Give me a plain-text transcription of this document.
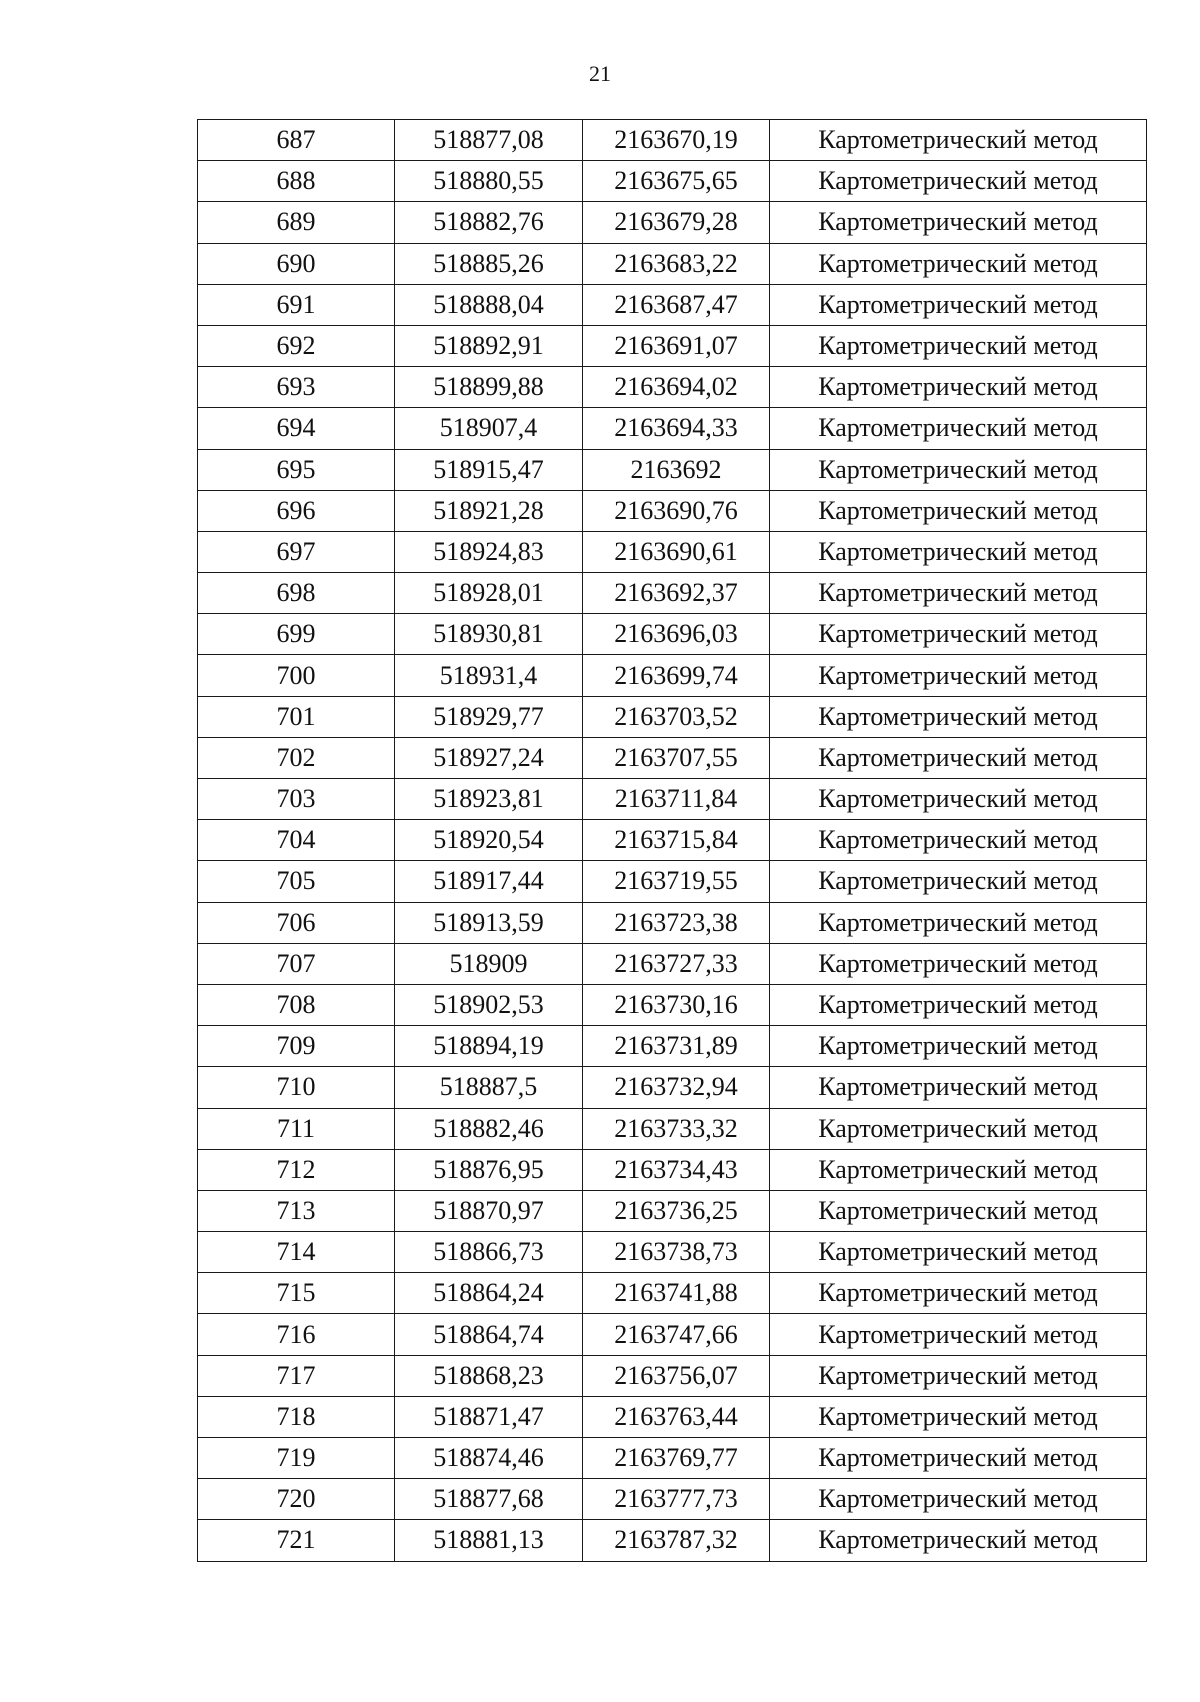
21
687	518877,08	2163670,19	Картометрический метод
688	518880,55	2163675,65	Картометрический метод
689	518882,76	2163679,28	Картометрический метод
690	518885,26	2163683,22	Картометрический метод
691	518888,04	2163687,47	Картометрический метод
692	518892,91	2163691,07	Картометрический метод
693	518899,88	2163694,02	Картометрический метод
694	518907,4	2163694,33	Картометрический метод
695	518915,47	2163692	Картометрический метод
696	518921,28	2163690,76	Картометрический метод
697	518924,83	2163690,61	Картометрический метод
698	518928,01	2163692,37	Картометрический метод
699	518930,81	2163696,03	Картометрический метод
700	518931,4	2163699,74	Картометрический метод
701	518929,77	2163703,52	Картометрический метод
702	518927,24	2163707,55	Картометрический метод
703	518923,81	2163711,84	Картометрический метод
704	518920,54	2163715,84	Картометрический метод
705	518917,44	2163719,55	Картометрический метод
706	518913,59	2163723,38	Картометрический метод
707	518909	2163727,33	Картометрический метод
708	518902,53	2163730,16	Картометрический метод
709	518894,19	2163731,89	Картометрический метод
710	518887,5	2163732,94	Картометрический метод
711	518882,46	2163733,32	Картометрический метод
712	518876,95	2163734,43	Картометрический метод
713	518870,97	2163736,25	Картометрический метод
714	518866,73	2163738,73	Картометрический метод
715	518864,24	2163741,88	Картометрический метод
716	518864,74	2163747,66	Картометрический метод
717	518868,23	2163756,07	Картометрический метод
718	518871,47	2163763,44	Картометрический метод
719	518874,46	2163769,77	Картометрический метод
720	518877,68	2163777,73	Картометрический метод
721	518881,13	2163787,32	Картометрический метод
